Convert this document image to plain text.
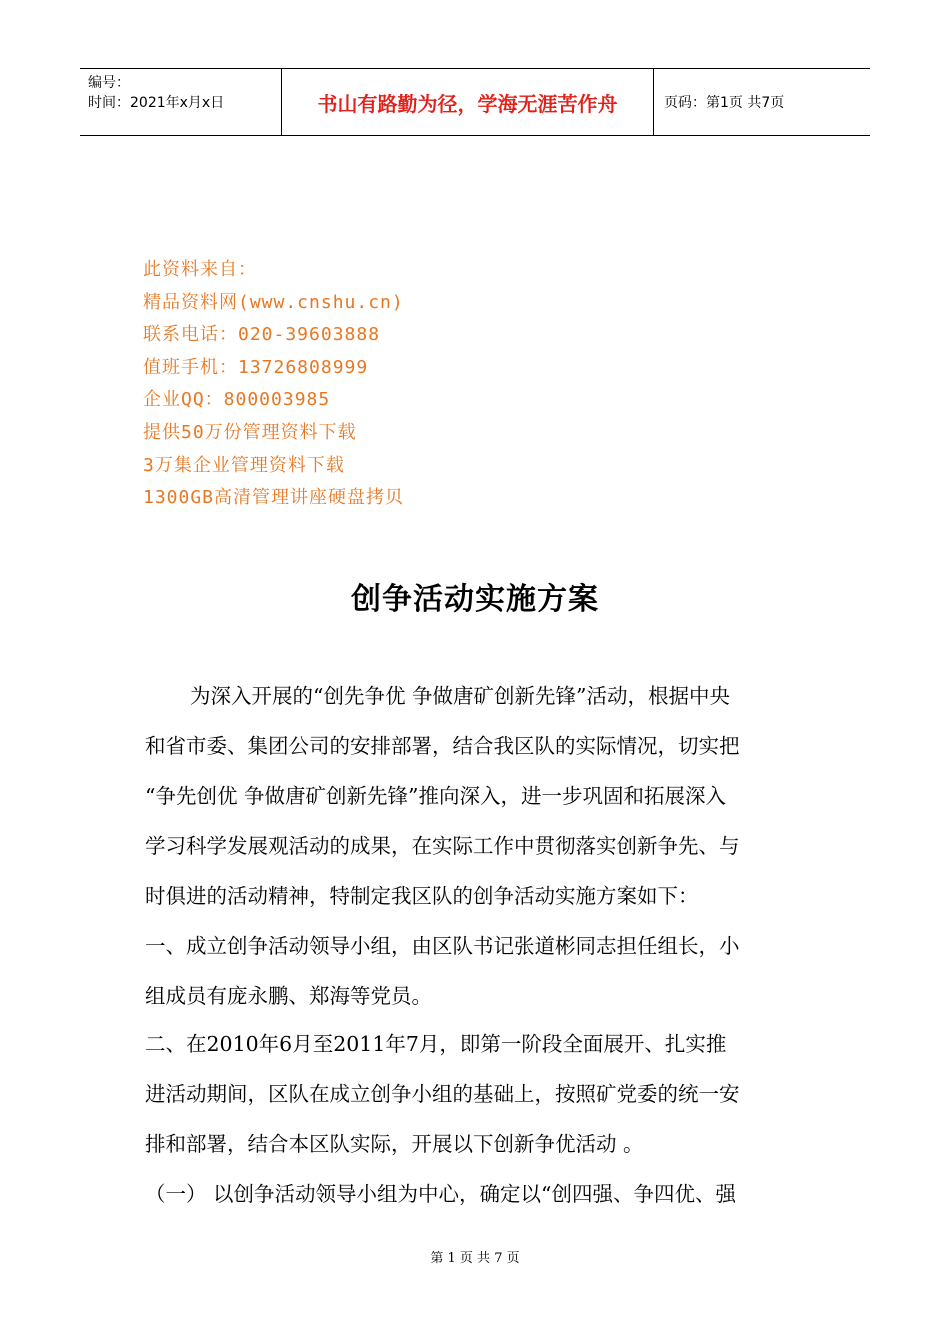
编号：
时间：2021年x月x日	书山有路勤为径，学海无涯苦作舟	页码：第1页 共7页
此资料来自：
精品资料网(www.cnshu.cn)
联系电话：020-39603888
值班手机：13726808999
企业QQ：800003985
提供50万份管理资料下载
3万集企业管理资料下载
1300GB高清管理讲座硬盘拷贝
创争活动实施方案
为深入开展的“创先争优 争做唐矿创新先锋”活动，根据中央
和省市委、集团公司的安排部署，结合我区队的实际情况，切实把
“争先创优 争做唐矿创新先锋”推向深入，进一步巩固和拓展深入
学习科学发展观活动的成果，在实际工作中贯彻落实创新争先、与
时俱进的活动精神，特制定我区队的创争活动实施方案如下：
一、成立创争活动领导小组，由区队书记张道彬同志担任组长，小
组成员有庞永鹏、郑海等党员。
二、在2010年6月至2011年7月，即第一阶段全面展开、扎实推
进活动期间，区队在成立创争小组的基础上，按照矿党委的统一安
排和部署，结合本区队实际，开展以下创新争优活动 。
（一） 以创争活动领导小组为中心，确定以“创四强、争四优、强
第 1 页 共 7 页
